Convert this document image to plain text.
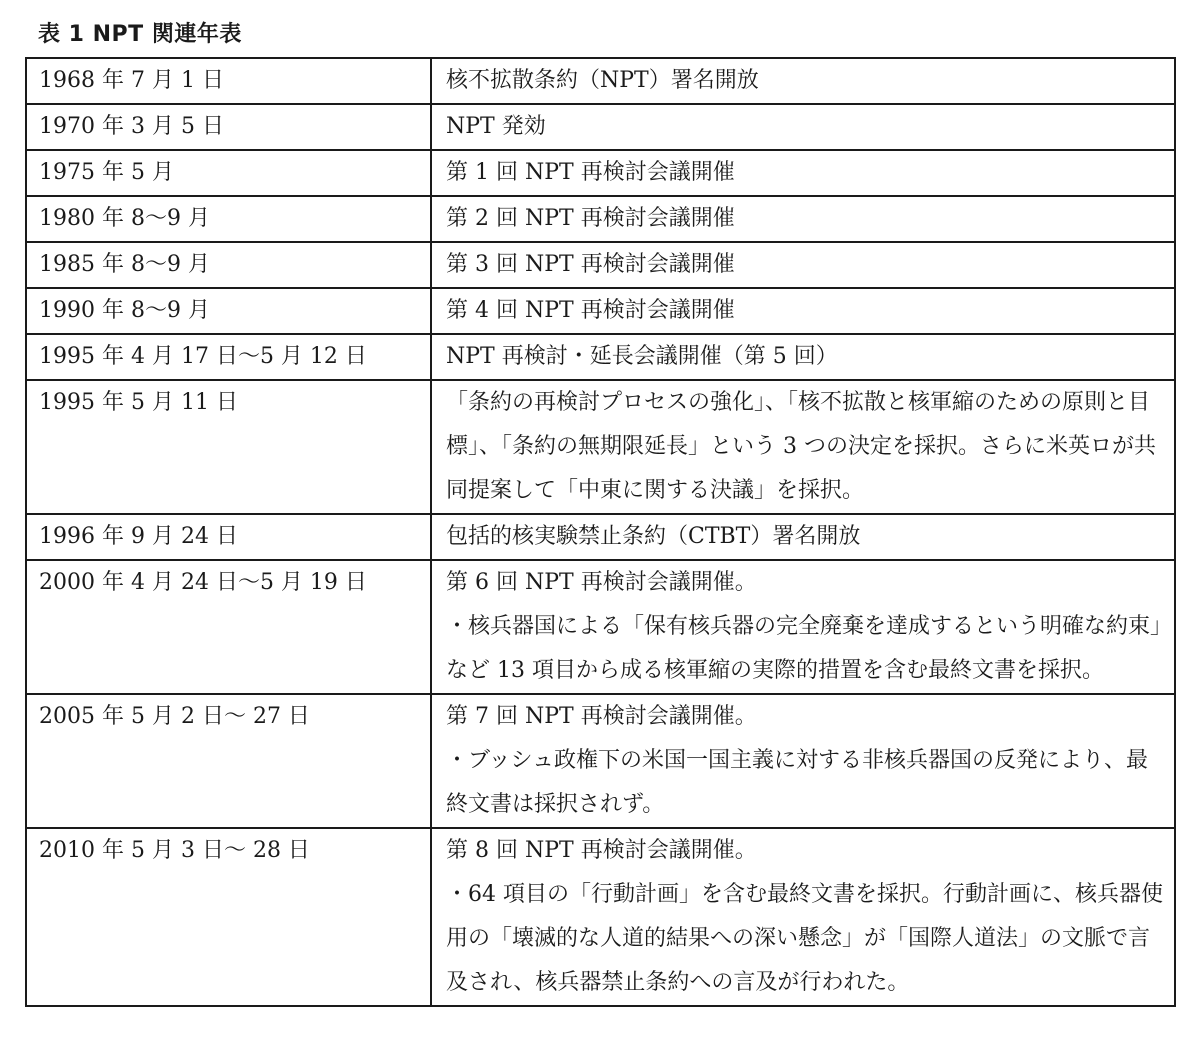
表 1 NPT 関連年表
1968 年 7 月 1 日	核不拡散条約（NPT）署名開放

1970 年 3 月 5 日	NPT 発効

1975 年 5 月	第 1 回 NPT 再検討会議開催

1980 年 8〜9 月	第 2 回 NPT 再検討会議開催

1985 年 8〜9 月	第 3 回 NPT 再検討会議開催

1990 年 8〜9 月	第 4 回 NPT 再検討会議開催

1995 年 4 月 17 日〜5 月 12 日	NPT 再検討・延長会議開催（第 5 回）

1995 年 5 月 11 日	「条約の再検討プロセスの強化」、「核不拡散と核軍縮のための原則と目標」、「条約の無期限延長」という 3 つの決定を採択。さらに米英ロが共同提案して「中東に関する決議」を採択。

1996 年 9 月 24 日	包括的核実験禁止条約（CTBT）署名開放

2000 年 4 月 24 日〜5 月 19 日	第 6 回 NPT 再検討会議開催。
・核兵器国による「保有核兵器の完全廃棄を達成するという明確な約束」など 13 項目から成る核軍縮の実際的措置を含む最終文書を採択。

2005 年 5 月 2 日〜 27 日	第 7 回 NPT 再検討会議開催。
・ブッシュ政権下の米国一国主義に対する非核兵器国の反発により、最終文書は採択されず。

2010 年 5 月 3 日〜 28 日	第 8 回 NPT 再検討会議開催。
・64 項目の「行動計画」を含む最終文書を採択。行動計画に、核兵器使用の「壊滅的な人道的結果への深い懸念」が「国際人道法」の文脈で言及され、核兵器禁止条約への言及が行われた。
